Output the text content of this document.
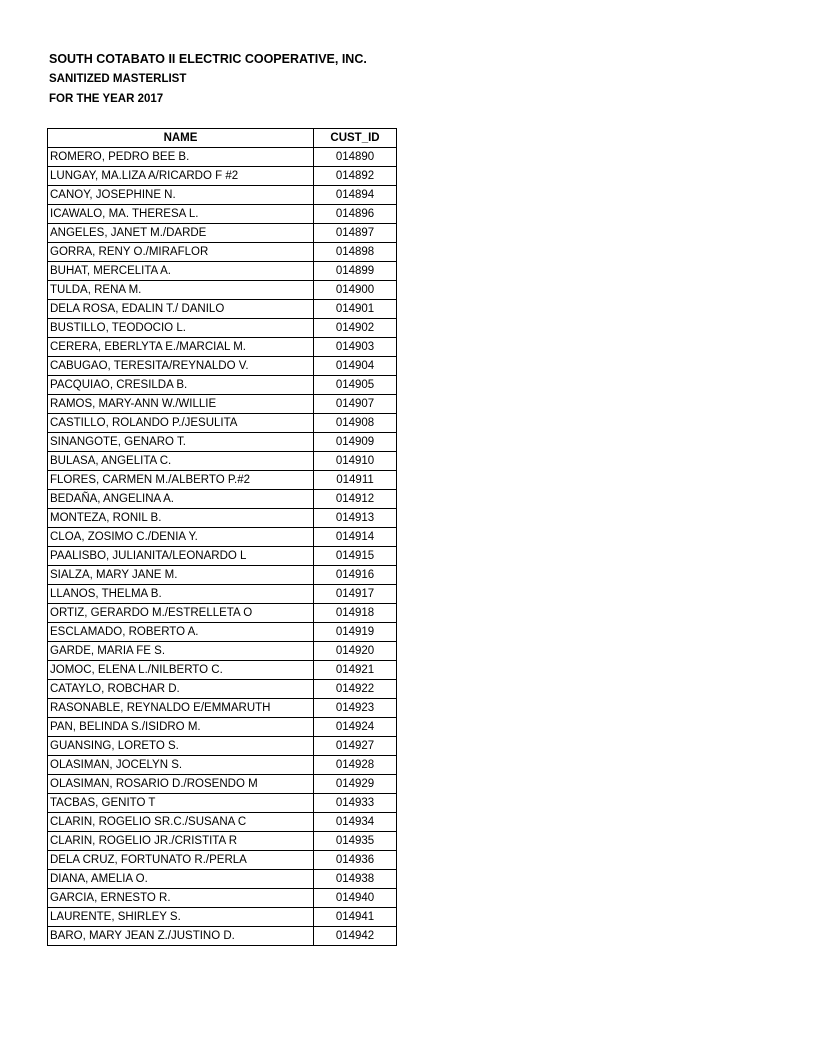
SOUTH COTABATO II ELECTRIC COOPERATIVE, INC.
SANITIZED MASTERLIST
FOR THE YEAR 2017
NAME	CUST_ID
ROMERO, PEDRO BEE B.	014890
LUNGAY, MA.LIZA A/RICARDO F #2	014892
CANOY, JOSEPHINE N.	014894
ICAWALO, MA. THERESA L.	014896
ANGELES, JANET M./DARDE	014897
GORRA, RENY O./MIRAFLOR	014898
BUHAT, MERCELITA A.	014899
TULDA, RENA M.	014900
DELA ROSA, EDALIN T./ DANILO	014901
BUSTILLO, TEODOCIO L.	014902
CERERA, EBERLYTA E./MARCIAL M.	014903
CABUGAO, TERESITA/REYNALDO V.	014904
PACQUIAO, CRESILDA B.	014905
RAMOS, MARY-ANN W./WILLIE	014907
CASTILLO, ROLANDO P./JESULITA	014908
SINANGOTE, GENARO T.	014909
BULASA, ANGELITA C.	014910
FLORES, CARMEN M./ALBERTO P.#2	014911
BEDAÑA, ANGELINA A.	014912
MONTEZA, RONIL B.	014913
CLOA, ZOSIMO C./DENIA Y.	014914
PAALISBO, JULIANITA/LEONARDO L	014915
SIALZA, MARY JANE M.	014916
LLANOS, THELMA B.	014917
ORTIZ, GERARDO M./ESTRELLETA O	014918
ESCLAMADO, ROBERTO A.	014919
GARDE, MARIA FE S.	014920
JOMOC, ELENA L./NILBERTO C.	014921
CATAYLO, ROBCHAR D.	014922
RASONABLE, REYNALDO E/EMMARUTH	014923
PAN, BELINDA S./ISIDRO M.	014924
GUANSING, LORETO S.	014927
OLASIMAN, JOCELYN S.	014928
OLASIMAN, ROSARIO D./ROSENDO M	014929
TACBAS, GENITO T	014933
CLARIN, ROGELIO SR.C./SUSANA C	014934
CLARIN, ROGELIO JR./CRISTITA R	014935
DELA CRUZ, FORTUNATO R./PERLA	014936
DIANA, AMELIA O.	014938
GARCIA, ERNESTO R.	014940
LAURENTE, SHIRLEY S.	014941
BARO, MARY JEAN Z./JUSTINO D.	014942
